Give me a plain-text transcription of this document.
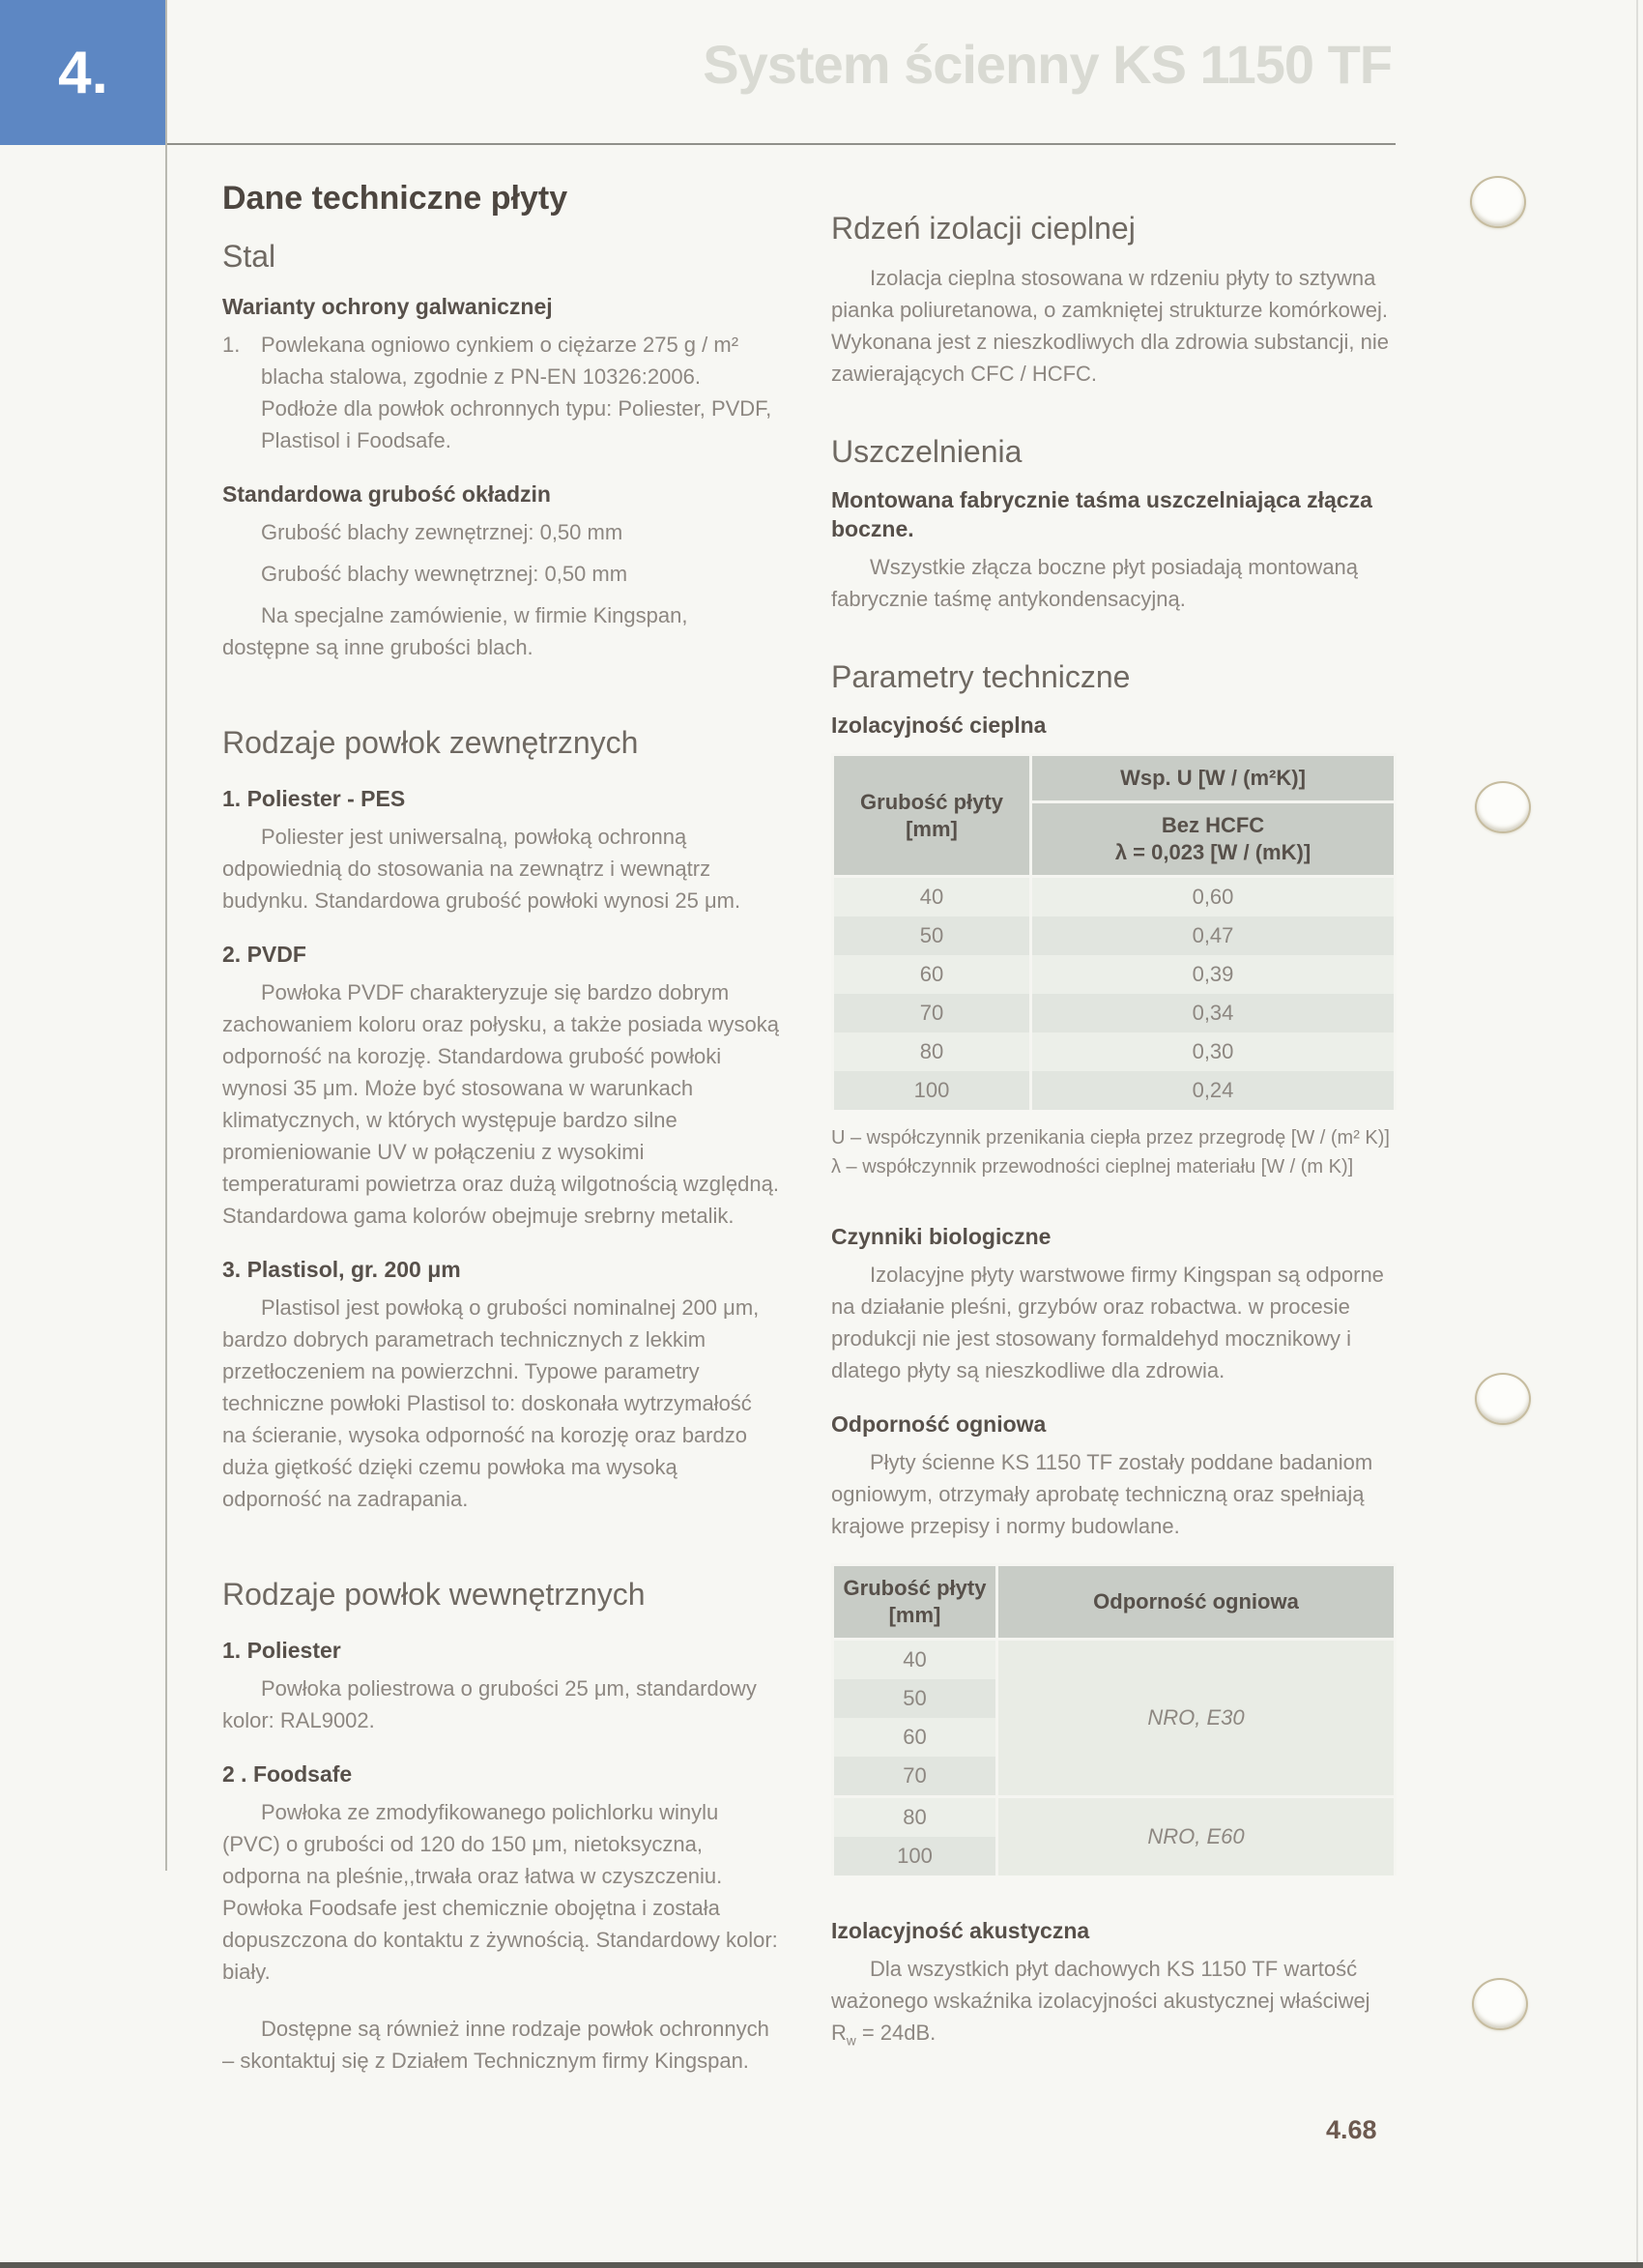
4.	System ścienny KS 1150 TF
Dane techniczne płyty
Stal

Warianty ochrony galwanicznej

1. Powlekana ogniowo cynkiem o ciężarze 275 g / m² blacha stalowa, zgodnie z PN-EN 10326:2006. Podłoże dla powłok ochronnych typu: Poliester, PVDF, Plastisol i Foodsafe.

Standardowa grubość okładzin

Grubość blachy zewnętrznej: 0,50 mm

Grubość blachy wewnętrznej: 0,50 mm

Na specjalne zamówienie, w firmie Kingspan, dostępne są inne grubości blach.

Rodzaje powłok zewnętrznych

1. Poliester - PES

Poliester jest uniwersalną, powłoką ochronną odpowiednią do stosowania na zewnątrz i wewnątrz budynku. Standardowa grubość powłoki wynosi 25 μm.

2. PVDF

Powłoka PVDF charakteryzuje się bardzo dobrym zachowaniem koloru oraz połysku, a także posiada wysoką odporność na korozję. Standardowa grubość powłoki wynosi 35 μm. Może być stosowana w warunkach klimatycznych, w których występuje bardzo silne promieniowanie UV w połączeniu z wysokimi temperaturami powietrza oraz dużą wilgotnością względną. Standardowa gama kolorów obejmuje srebrny metalik.

3. Plastisol, gr. 200 μm

Plastisol jest powłoką o grubości nominalnej 200 μm, bardzo dobrych parametrach technicznych z lekkim przetłoczeniem na powierzchni. Typowe parametry techniczne powłoki Plastisol to: doskonała wytrzymałość na ścieranie, wysoka odporność na korozję oraz bardzo duża giętkość dzięki czemu powłoka ma wysoką odporność na zadrapania.

Rodzaje powłok wewnętrznych

1. Poliester

Powłoka poliestrowa o grubości 25 μm, standardowy kolor: RAL9002.

2 . Foodsafe

Powłoka ze zmodyfikowanego polichlorku winylu (PVC) o grubości od 120 do 150 μm, nietoksyczna, odporna na pleśnie,,trwała oraz łatwa w czyszczeniu. Powłoka Foodsafe jest chemicznie obojętna i została dopuszczona do kontaktu z żywnością. Standardowy kolor: biały.

Dostępne są również inne rodzaje powłok ochronnych – skontaktuj się z Działem Technicznym firmy Kingspan.

Rdzeń izolacji cieplnej

Izolacja cieplna stosowana w rdzeniu płyty to sztywna pianka poliuretanowa, o zamkniętej strukturze komórkowej. Wykonana jest z nieszkodliwych dla zdrowia substancji, nie zawierających CFC / HCFC.

Uszczelnienia

Montowana fabrycznie taśma uszczelniająca złącza boczne.

Wszystkie złącza boczne płyt posiadają montowaną fabrycznie taśmę antykondensacyjną.

Parametry techniczne

Izolacyjność cieplna

Grubość płyty
[mm]	Wsp. U [W / (m²K)]

	Bez HCFC
λ = 0,023 [W / (mK)]

40	0,60
50	0,47
60	0,39
70	0,34
80	0,30
100	0,24

U – współczynnik przenikania ciepła przez przegrodę [W / (m² K)]

λ – współczynnik przewodności cieplnej materiału [W / (m K)]

Czynniki biologiczne

Izolacyjne płyty warstwowe firmy Kingspan są odporne na działanie pleśni, grzybów oraz robactwa. w procesie produkcji nie jest stosowany formaldehyd mocznikowy i dlatego płyty są nieszkodliwe dla zdrowia.

Odporność ogniowa

Płyty ścienne KS 1150 TF zostały poddane badaniom ogniowym, otrzymały aprobatę techniczną oraz spełniają krajowe przepisy i normy budowlane.

Grubość płyty
[mm]	Odporność ogniowa
40	NRO, E30
50	
60	
70	
80	NRO, E60
100	

Izolacyjność akustyczna

Dla wszystkich płyt dachowych KS 1150 TF wartość ważonego wskaźnika izolacyjności akustycznej właściwej
$R_w = 24dB$.

4.68
